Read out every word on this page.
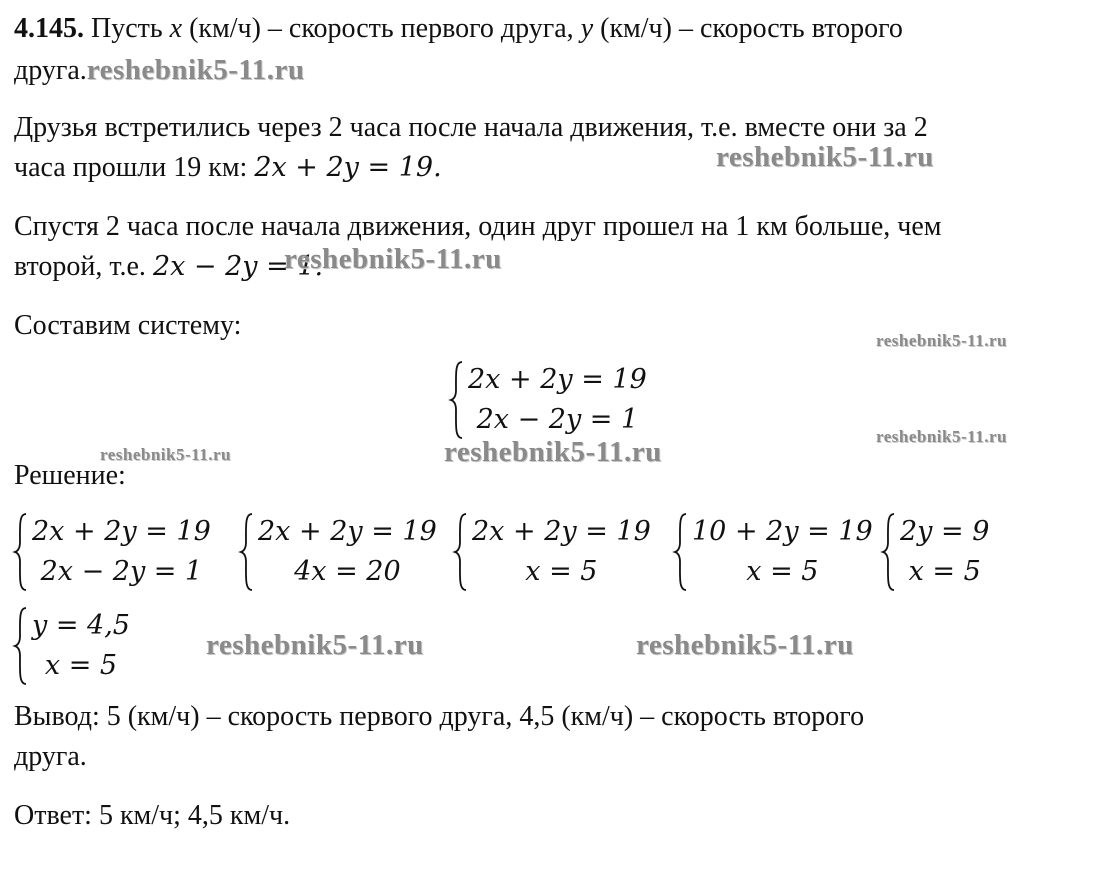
4.145. Пусть x (км/ч) – скорость первого друга, y (км/ч) – скорость второго
друга.reshebnik5-11.ru
Друзья встретились через 2 часа после начала движения, т.е. вместе они за 2
часа прошли 19 км: 2x + 2y = 19.
Спустя 2 часа после начала движения, один друг прошел на 1 км больше, чем
второй, т.е. 2x − 2y = 1.
Составим систему:
2x + 2y = 19
2x − 2y = 1
Решение:
2x + 2y = 19
2x − 2y = 1
2x + 2y = 19
4x = 20
2x + 2y = 19
x = 5
10 + 2y = 19
x = 5
2y = 9
x = 5
y = 4,5
x = 5
Вывод: 5 (км/ч) – скорость первого друга, 4,5 (км/ч) – скорость второго
друга.
Ответ: 5 км/ч; 4,5 км/ч.
reshebnik5-11.ru
reshebnik5-11.ru
reshebnik5-11.ru
reshebnik5-11.ru
reshebnik5-11.ru	reshebnik5-11.ru
reshebnik5-11.ru	reshebnik5-11.ru
